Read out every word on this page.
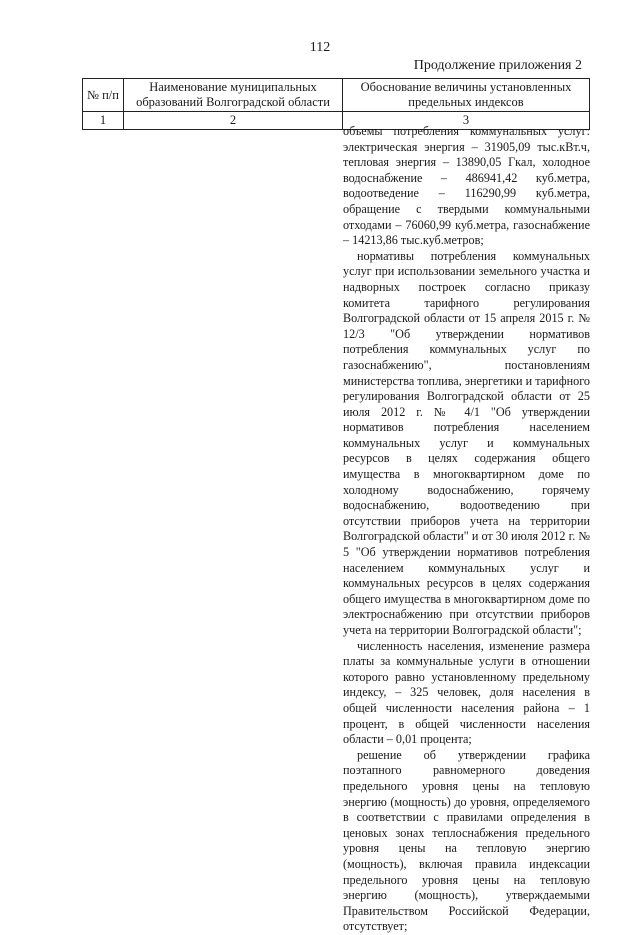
112
Продолжение приложения 2
№ п/п	Наименование муниципальных образований Волгоградской области	Обоснование величины установленных предельных индексов
1	2	3

объемы потребления коммунальных услуг: электрическая энергия – 31905,09 тыс.кВт.ч, тепловая энергия – 13890,05 Гкал, холодное водоснабжение – 486941,42 куб.метра, водоотведение – 116290,99 куб.метра, обращение с твердыми коммунальными отходами – 76060,99 куб.метра, газоснабжение – 14213,86 тыс.куб.метров;

нормативы потребления коммунальных услуг при использовании земельного участка и надворных построек согласно приказу комитета тарифного регулирования Волгоградской области от 15 апреля 2015 г. № 12/3 "Об утверждении нормативов потребления коммунальных услуг по газоснабжению", постановлениям министерства топлива, энергетики и тарифного регулирования Волгоградской области от 25 июля 2012 г. № 4/1 "Об утверждении нормативов потребления населением коммунальных услуг и коммунальных ресурсов в целях содержания общего имущества в многоквартирном доме по холодному водоснабжению, горячему водоснабжению, водоотведению при отсутствии приборов учета на территории Волгоградской области" и от 30 июля 2012 г. № 5 "Об утверждении нормативов потребления населением коммунальных услуг и коммунальных ресурсов в целях содержания общего имущества в многоквартирном доме по электроснабжению при отсутствии приборов учета на территории Волгоградской области";

численность населения, изменение размера платы за коммунальные услуги в отношении которого равно установленному предельному индексу, – 325 человек, доля населения в общей численности населения района – 1 процент, в общей численности населения области – 0,01 процента;

решение об утверждении графика поэтапного равномерного доведения предельного уровня цены на тепловую энергию (мощность) до уровня, определяемого в соответствии с правилами определения в ценовых зонах теплоснабжения предельного уровня цены на тепловую энергию (мощность), включая правила индексации предельного уровня цены на тепловую энергию (мощность), утверждаемыми Правительством Российской Федерации, отсутствует;
